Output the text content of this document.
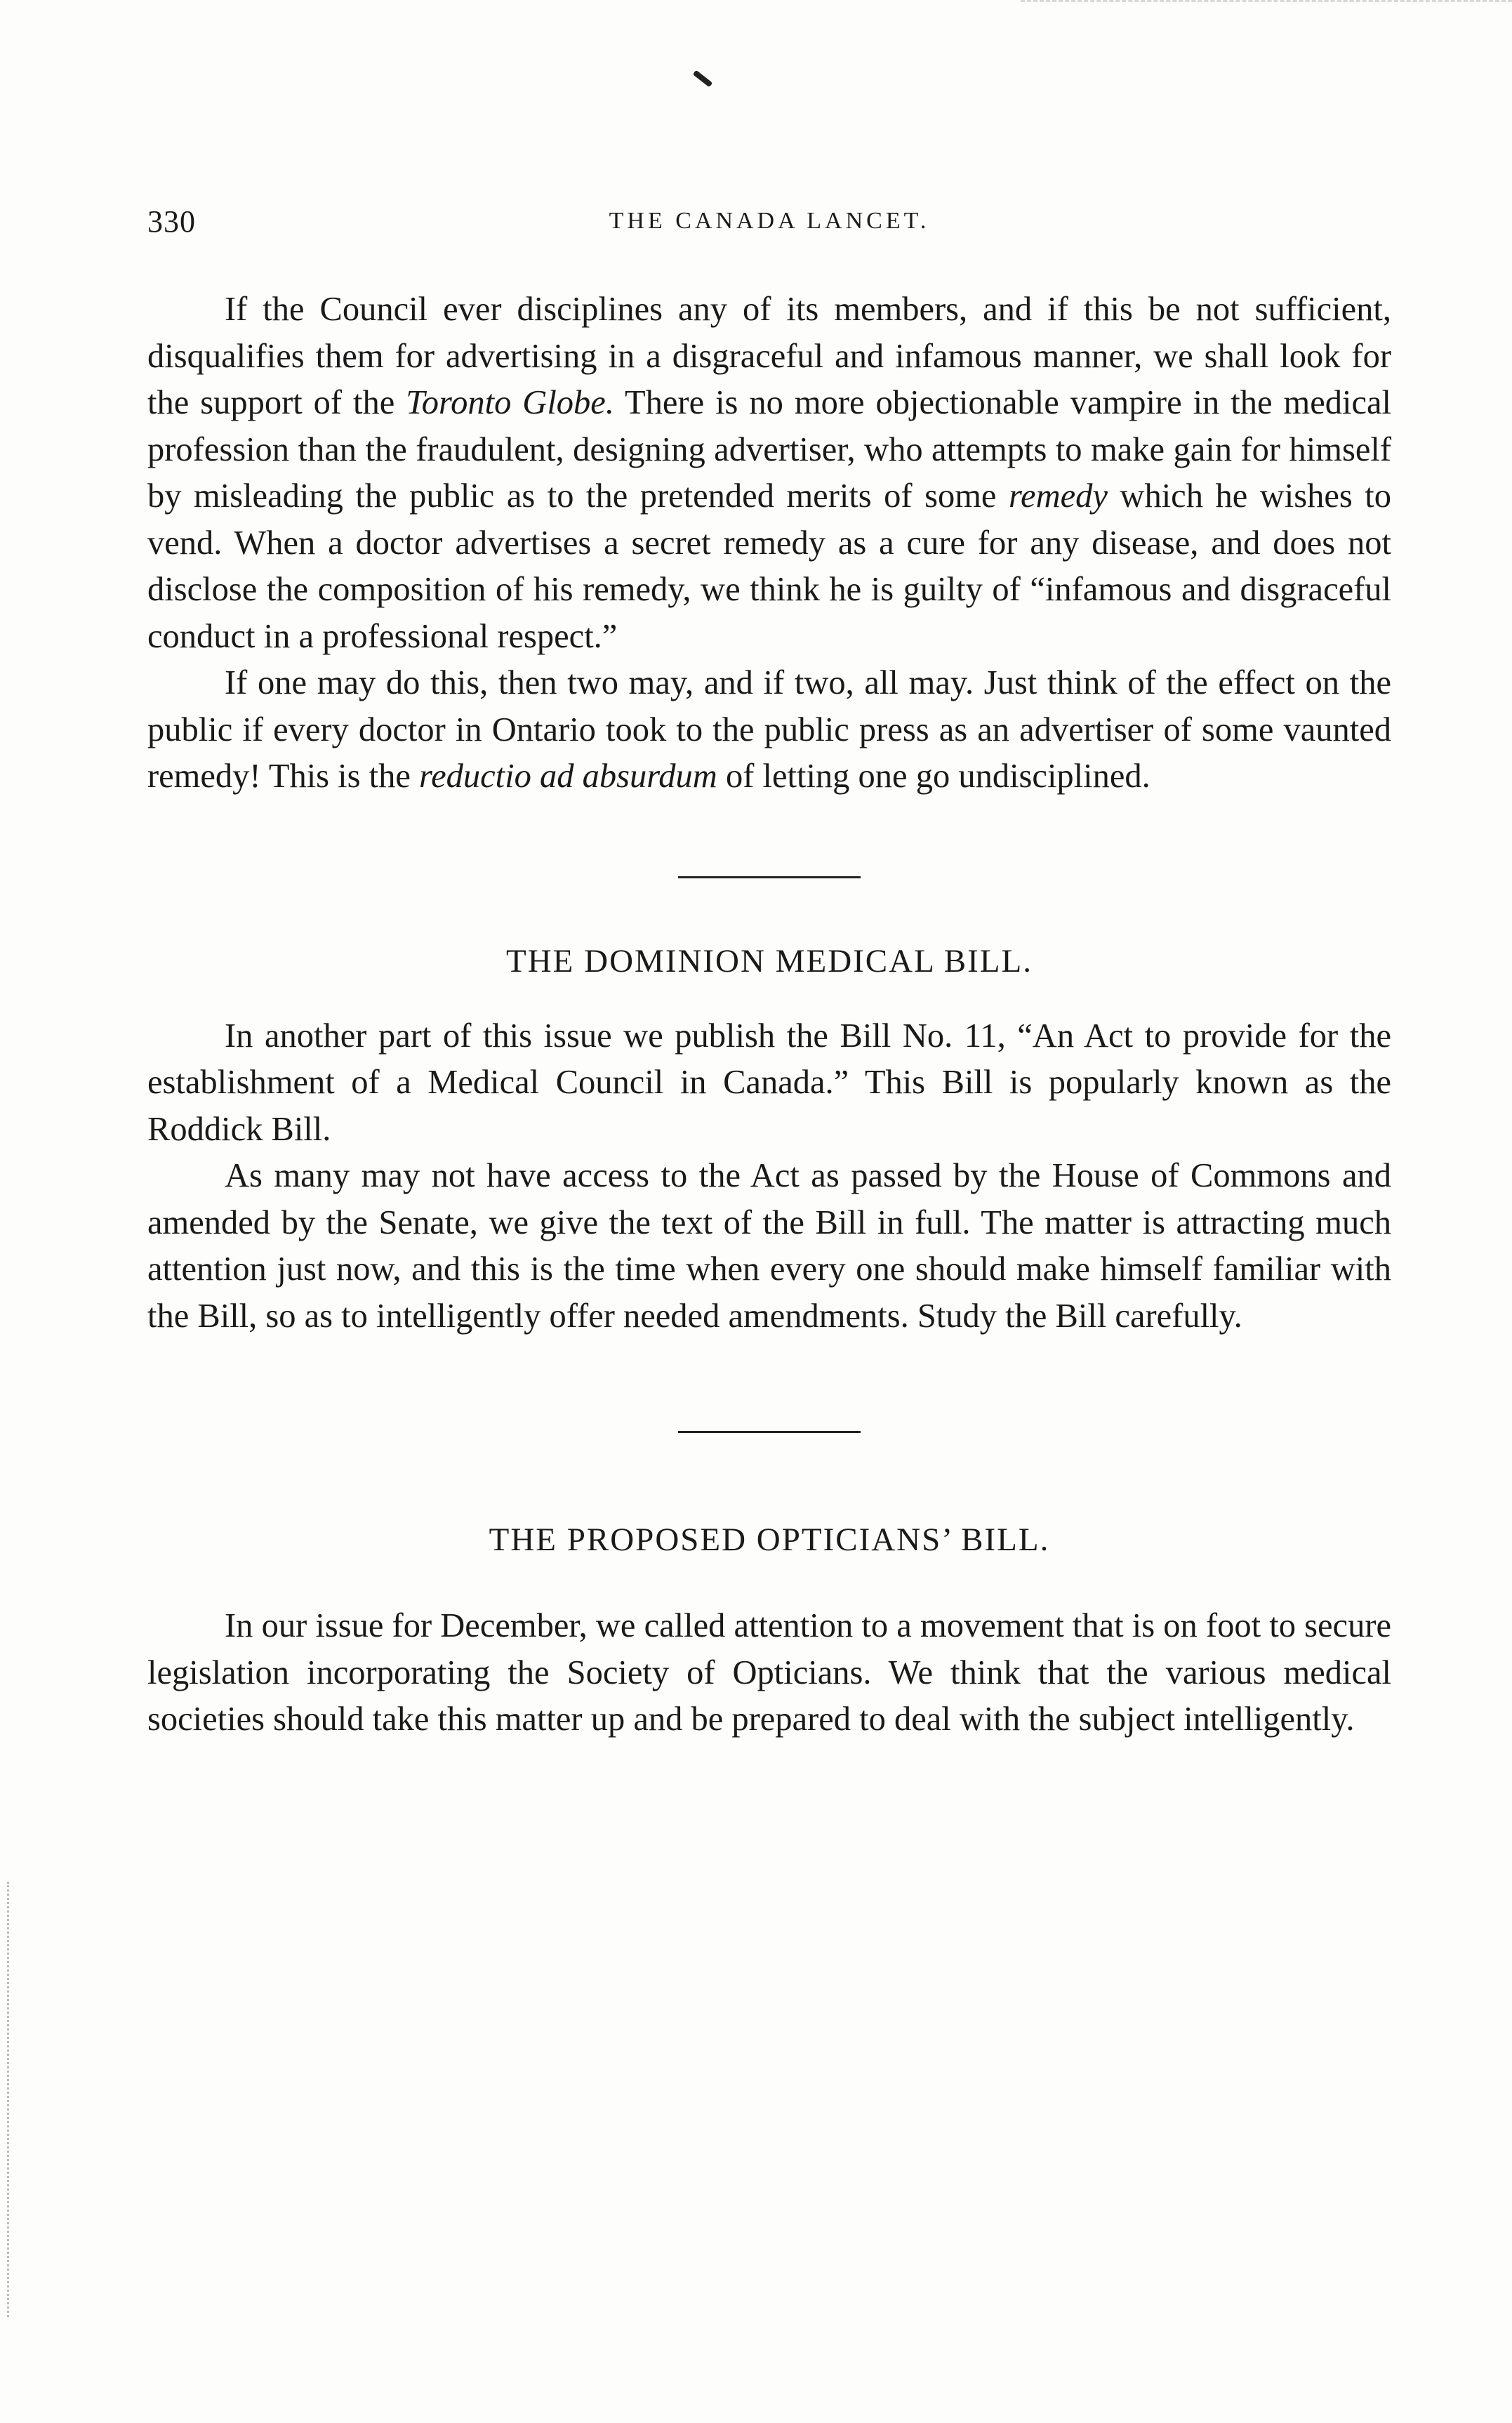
330	THE CANADA LANCET.

If the Council ever disciplines any of its members, and if this be not sufficient, disqualifies them for advertising in a disgraceful and infamous manner, we shall look for the support of the Toronto Globe. There is no more objectionable vampire in the medical profession than the fraudulent, designing advertiser, who attempts to make gain for himself by misleading the public as to the pretended merits of some remedy which he wishes to vend. When a doctor advertises a secret remedy as a cure for any disease, and does not disclose the composition of his remedy, we think he is guilty of “infamous and disgraceful conduct in a professional respect.”

If one may do this, then two may, and if two, all may. Just think of the effect on the public if every doctor in Ontario took to the public press as an advertiser of some vaunted remedy! This is the reductio ad absurdum of letting one go undisciplined.

THE DOMINION MEDICAL BILL.

In another part of this issue we publish the Bill No. 11, “An Act to provide for the establishment of a Medical Council in Canada.” This Bill is popularly known as the Roddick Bill.

As many may not have access to the Act as passed by the House of Commons and amended by the Senate, we give the text of the Bill in full. The matter is attracting much attention just now, and this is the time when every one should make himself familiar with the Bill, so as to intelligently offer needed amendments. Study the Bill carefully.

THE PROPOSED OPTICIANS’ BILL.

In our issue for December, we called attention to a movement that is on foot to secure legislation incorporating the Society of Opticians. We think that the various medical societies should take this matter up and be prepared to deal with the subject intelligently.
